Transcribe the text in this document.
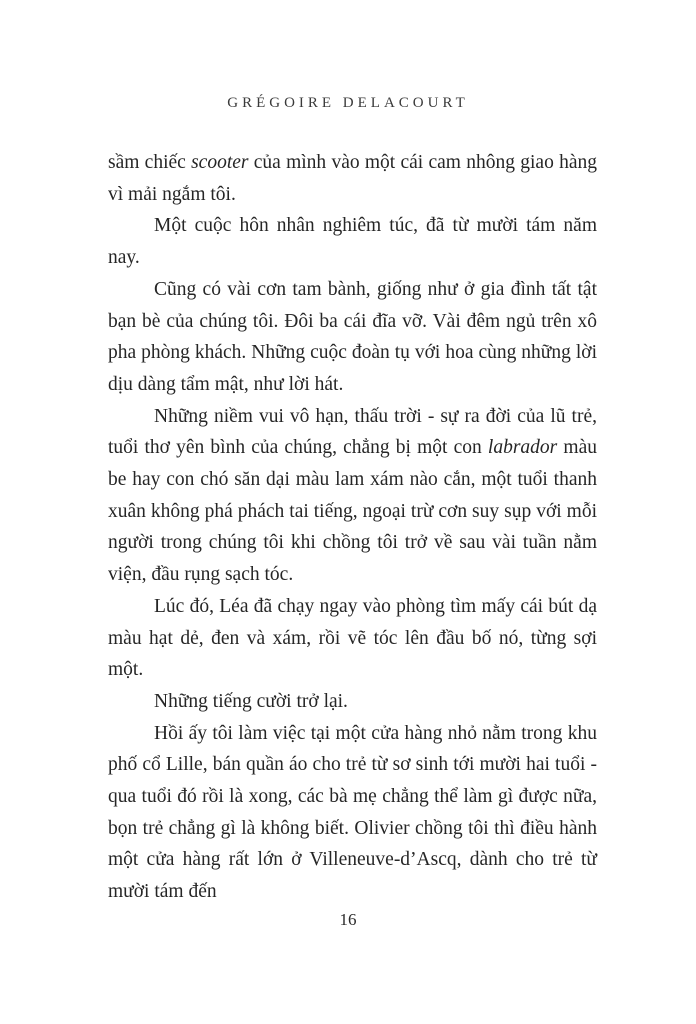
GRÉGOIRE DELACOURT

sầm chiếc scooter của mình vào một cái cam nhông giao hàng vì mải ngắm tôi.

Một cuộc hôn nhân nghiêm túc, đã từ mười tám năm nay.

Cũng có vài cơn tam bành, giống như ở gia đình tất tật bạn bè của chúng tôi. Đôi ba cái đĩa vỡ. Vài đêm ngủ trên xô pha phòng khách. Những cuộc đoàn tụ với hoa cùng những lời dịu dàng tẩm mật, như lời hát.

Những niềm vui vô hạn, thấu trời - sự ra đời của lũ trẻ, tuổi thơ yên bình của chúng, chẳng bị một con labrador màu be hay con chó săn dại màu lam xám nào cắn, một tuổi thanh xuân không phá phách tai tiếng, ngoại trừ cơn suy sụp với mỗi người trong chúng tôi khi chồng tôi trở về sau vài tuần nằm viện, đầu rụng sạch tóc.

Lúc đó, Léa đã chạy ngay vào phòng tìm mấy cái bút dạ màu hạt dẻ, đen và xám, rồi vẽ tóc lên đầu bố nó, từng sợi một.

Những tiếng cười trở lại.

Hồi ấy tôi làm việc tại một cửa hàng nhỏ nằm trong khu phố cổ Lille, bán quần áo cho trẻ từ sơ sinh tới mười hai tuổi - qua tuổi đó rồi là xong, các bà mẹ chẳng thể làm gì được nữa, bọn trẻ chẳng gì là không biết. Olivier chồng tôi thì điều hành một cửa hàng rất lớn ở Villeneuve-d’Ascq, dành cho trẻ từ mười tám đến

16
